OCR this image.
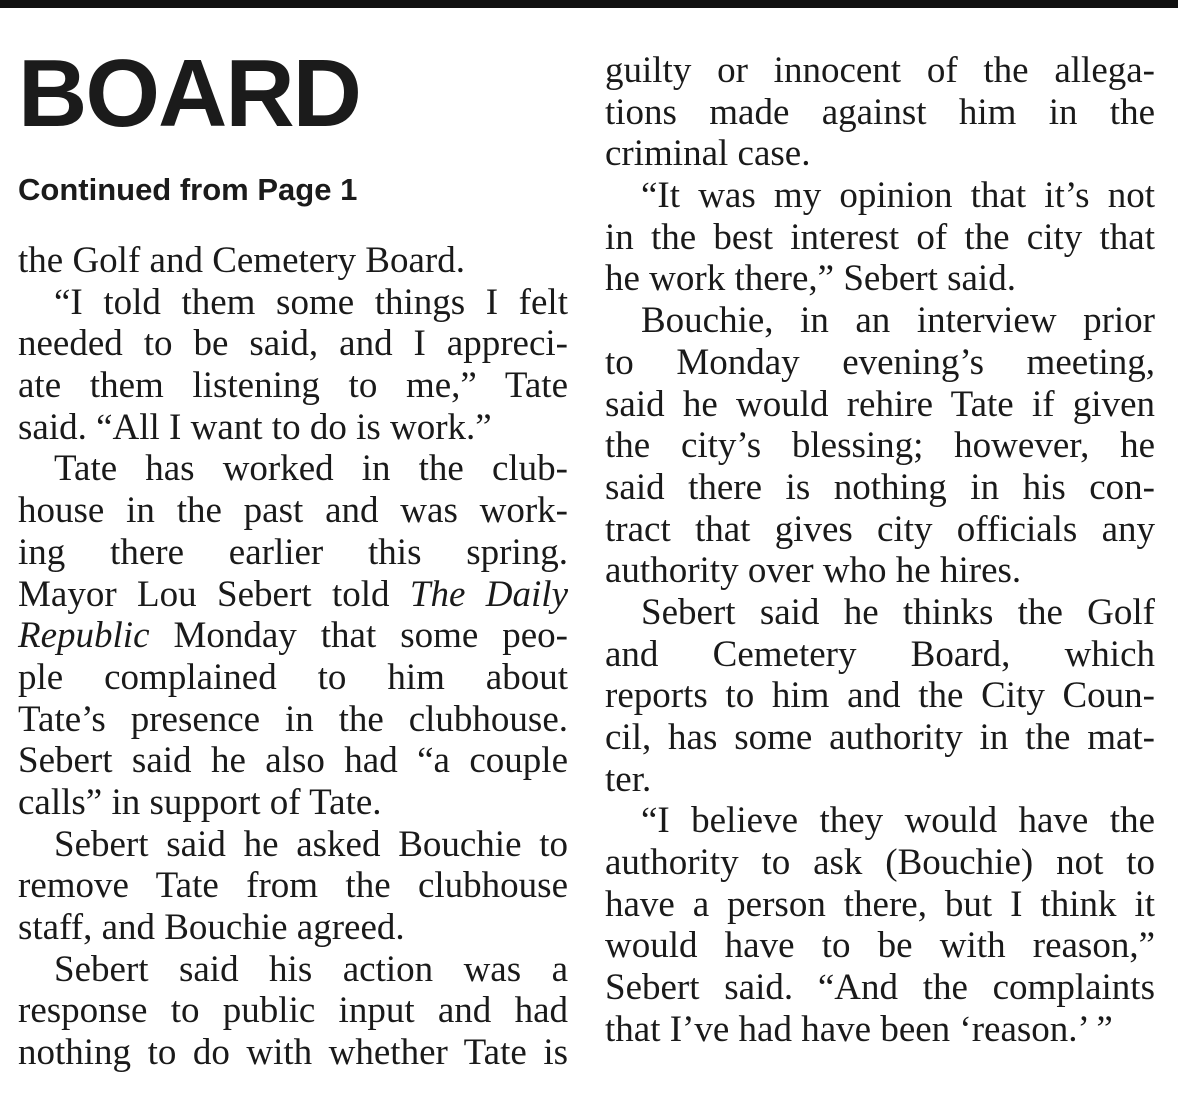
BOARD
Continued from Page 1
the Golf and Cemetery Board.
“I told them some things I felt
needed to be said, and I appreci-
ate them listening to me,” Tate
said. “All I want to do is work.”
Tate has worked in the club-
house in the past and was work-
ing there earlier this spring.
Mayor Lou Sebert told The Daily
Republic Monday that some peo-
ple complained to him about
Tate’s presence in the clubhouse.
Sebert said he also had “a couple
calls” in support of Tate.
Sebert said he asked Bouchie to
remove Tate from the clubhouse
staff, and Bouchie agreed.
Sebert said his action was a
response to public input and had
nothing to do with whether Tate is
guilty or innocent of the allega-
tions made against him in the
criminal case.
“It was my opinion that it’s not
in the best interest of the city that
he work there,” Sebert said.
Bouchie, in an interview prior
to Monday evening’s meeting,
said he would rehire Tate if given
the city’s blessing; however, he
said there is nothing in his con-
tract that gives city officials any
authority over who he hires.
Sebert said he thinks the Golf
and Cemetery Board, which
reports to him and the City Coun-
cil, has some authority in the mat-
ter.
“I believe they would have the
authority to ask (Bouchie) not to
have a person there, but I think it
would have to be with reason,”
Sebert said. “And the complaints
that I’ve had have been ‘reason.’ ”
